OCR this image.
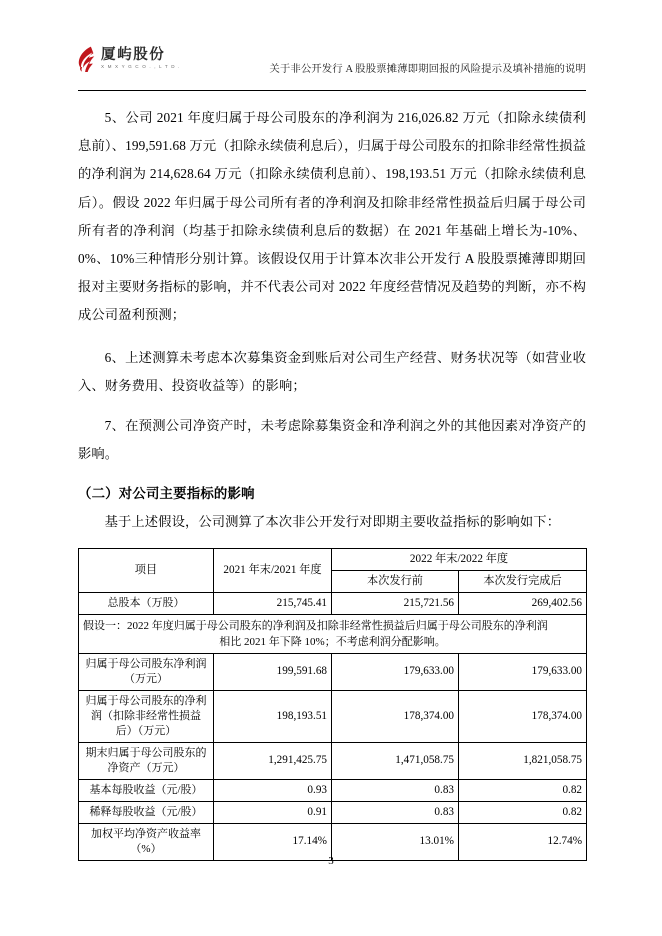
厦屿股份
X M X Y G C O . , L T D .	关于非公开发行 A 股股票摊薄即期回报的风险提示及填补措施的说明

5、公司 2021 年度归属于母公司股东的净利润为 216,026.82 万元（扣除永续债利息前）、199,591.68 万元（扣除永续债利息后），归属于母公司股东的扣除非经常性损益的净利润为 214,628.64 万元（扣除永续债利息前）、198,193.51 万元（扣除永续债利息后）。假设 2022 年归属于母公司所有者的净利润及扣除非经常性损益后归属于母公司所有者的净利润（均基于扣除永续债利息后的数据）在 2021 年基础上增长为-10%、0%、10%三种情形分别计算。该假设仅用于计算本次非公开发行 A 股股票摊薄即期回报对主要财务指标的影响，并不代表公司对 2022 年度经营情况及趋势的判断，亦不构成公司盈利预测；

6、上述测算未考虑本次募集资金到账后对公司生产经营、财务状况等（如营业收入、财务费用、投资收益等）的影响；

7、在预测公司净资产时，未考虑除募集资金和净利润之外的其他因素对净资产的影响。

（二）对公司主要指标的影响

基于上述假设，公司测算了本次非公开发行对即期主要收益指标的影响如下：

项目	2021 年末/2021 年度	2022 年末/2022 年度	
		本次发行前	本次发行完成后
总股本（万股）	215,745.41	215,721.56	269,402.56

假设一：2022 年度归属于母公司股东的净利润及扣除非经常性损益后归属于母公司股东的净利润
相比 2021 年下降 10%；不考虑利润分配影响。			

归属于母公司股东净利润（万元）	199,591.68	179,633.00	179,633.00
归属于母公司股东的净利润（扣除非经常性损益后）（万元）	198,193.51	178,374.00	178,374.00
期末归属于母公司股东的净资产（万元）	1,291,425.75	1,471,058.75	1,821,058.75
基本每股收益（元/股）	0.93	0.83	0.82
稀释每股收益（元/股）	0.91	0.83	0.82
加权平均净资产收益率（%）	17.14%	13.01%	12.74%
3
